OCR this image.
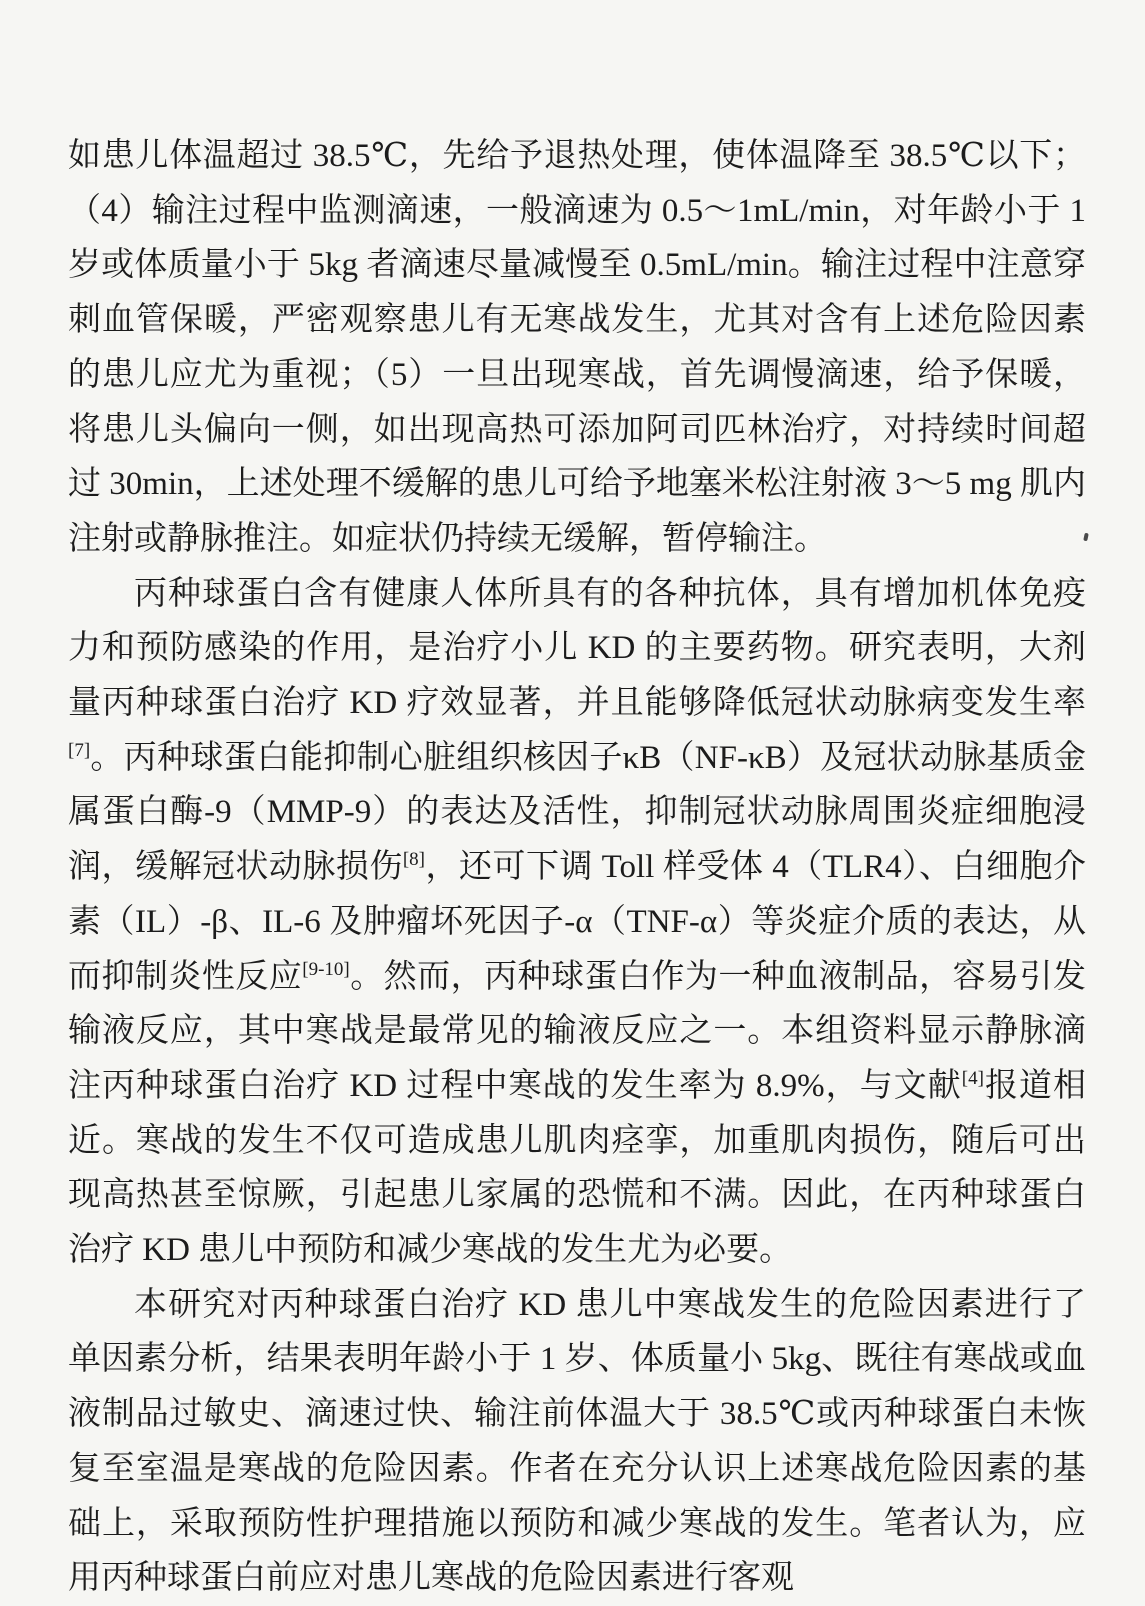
如患儿体温超过 38.5℃，先给予退热处理，使体温降至 38.5℃以下；（4）输注过程中监测滴速，一般滴速为 0.5～1mL/min，对年龄小于 1 岁或体质量小于 5kg 者滴速尽量减慢至 0.5mL/min。输注过程中注意穿刺血管保暖，严密观察患儿有无寒战发生，尤其对含有上述危险因素的患儿应尤为重视；（5）一旦出现寒战，首先调慢滴速，给予保暖，将患儿头偏向一侧，如出现高热可添加阿司匹林治疗，对持续时间超过 30min，上述处理不缓解的患儿可给予地塞米松注射液 3～5 mg 肌内注射或静脉推注。如症状仍持续无缓解，暂停输注。

丙种球蛋白含有健康人体所具有的各种抗体，具有增加机体免疫力和预防感染的作用，是治疗小儿 KD 的主要药物。研究表明，大剂量丙种球蛋白治疗 KD 疗效显著，并且能够降低冠状动脉病变发生率[7]。丙种球蛋白能抑制心脏组织核因子κB（NF-κB）及冠状动脉基质金属蛋白酶-9（MMP-9）的表达及活性，抑制冠状动脉周围炎症细胞浸润，缓解冠状动脉损伤[8]，还可下调 Toll 样受体 4（TLR4）、白细胞介素（IL）-β、IL-6 及肿瘤坏死因子-α（TNF-α）等炎症介质的表达，从而抑制炎性反应[9-10]。然而，丙种球蛋白作为一种血液制品，容易引发输液反应，其中寒战是最常见的输液反应之一。本组资料显示静脉滴注丙种球蛋白治疗 KD 过程中寒战的发生率为 8.9%，与文献[4]报道相近。寒战的发生不仅可造成患儿肌肉痉挛，加重肌肉损伤，随后可出现高热甚至惊厥，引起患儿家属的恐慌和不满。因此，在丙种球蛋白治疗 KD 患儿中预防和减少寒战的发生尤为必要。

本研究对丙种球蛋白治疗 KD 患儿中寒战发生的危险因素进行了单因素分析，结果表明年龄小于 1 岁、体质量小 5kg、既往有寒战或血液制品过敏史、滴速过快、输注前体温大于 38.5℃或丙种球蛋白未恢复至室温是寒战的危险因素。作者在充分认识上述寒战危险因素的基础上，采取预防性护理措施以预防和减少寒战的发生。笔者认为，应用丙种球蛋白前应对患儿寒战的危险因素进行客观
